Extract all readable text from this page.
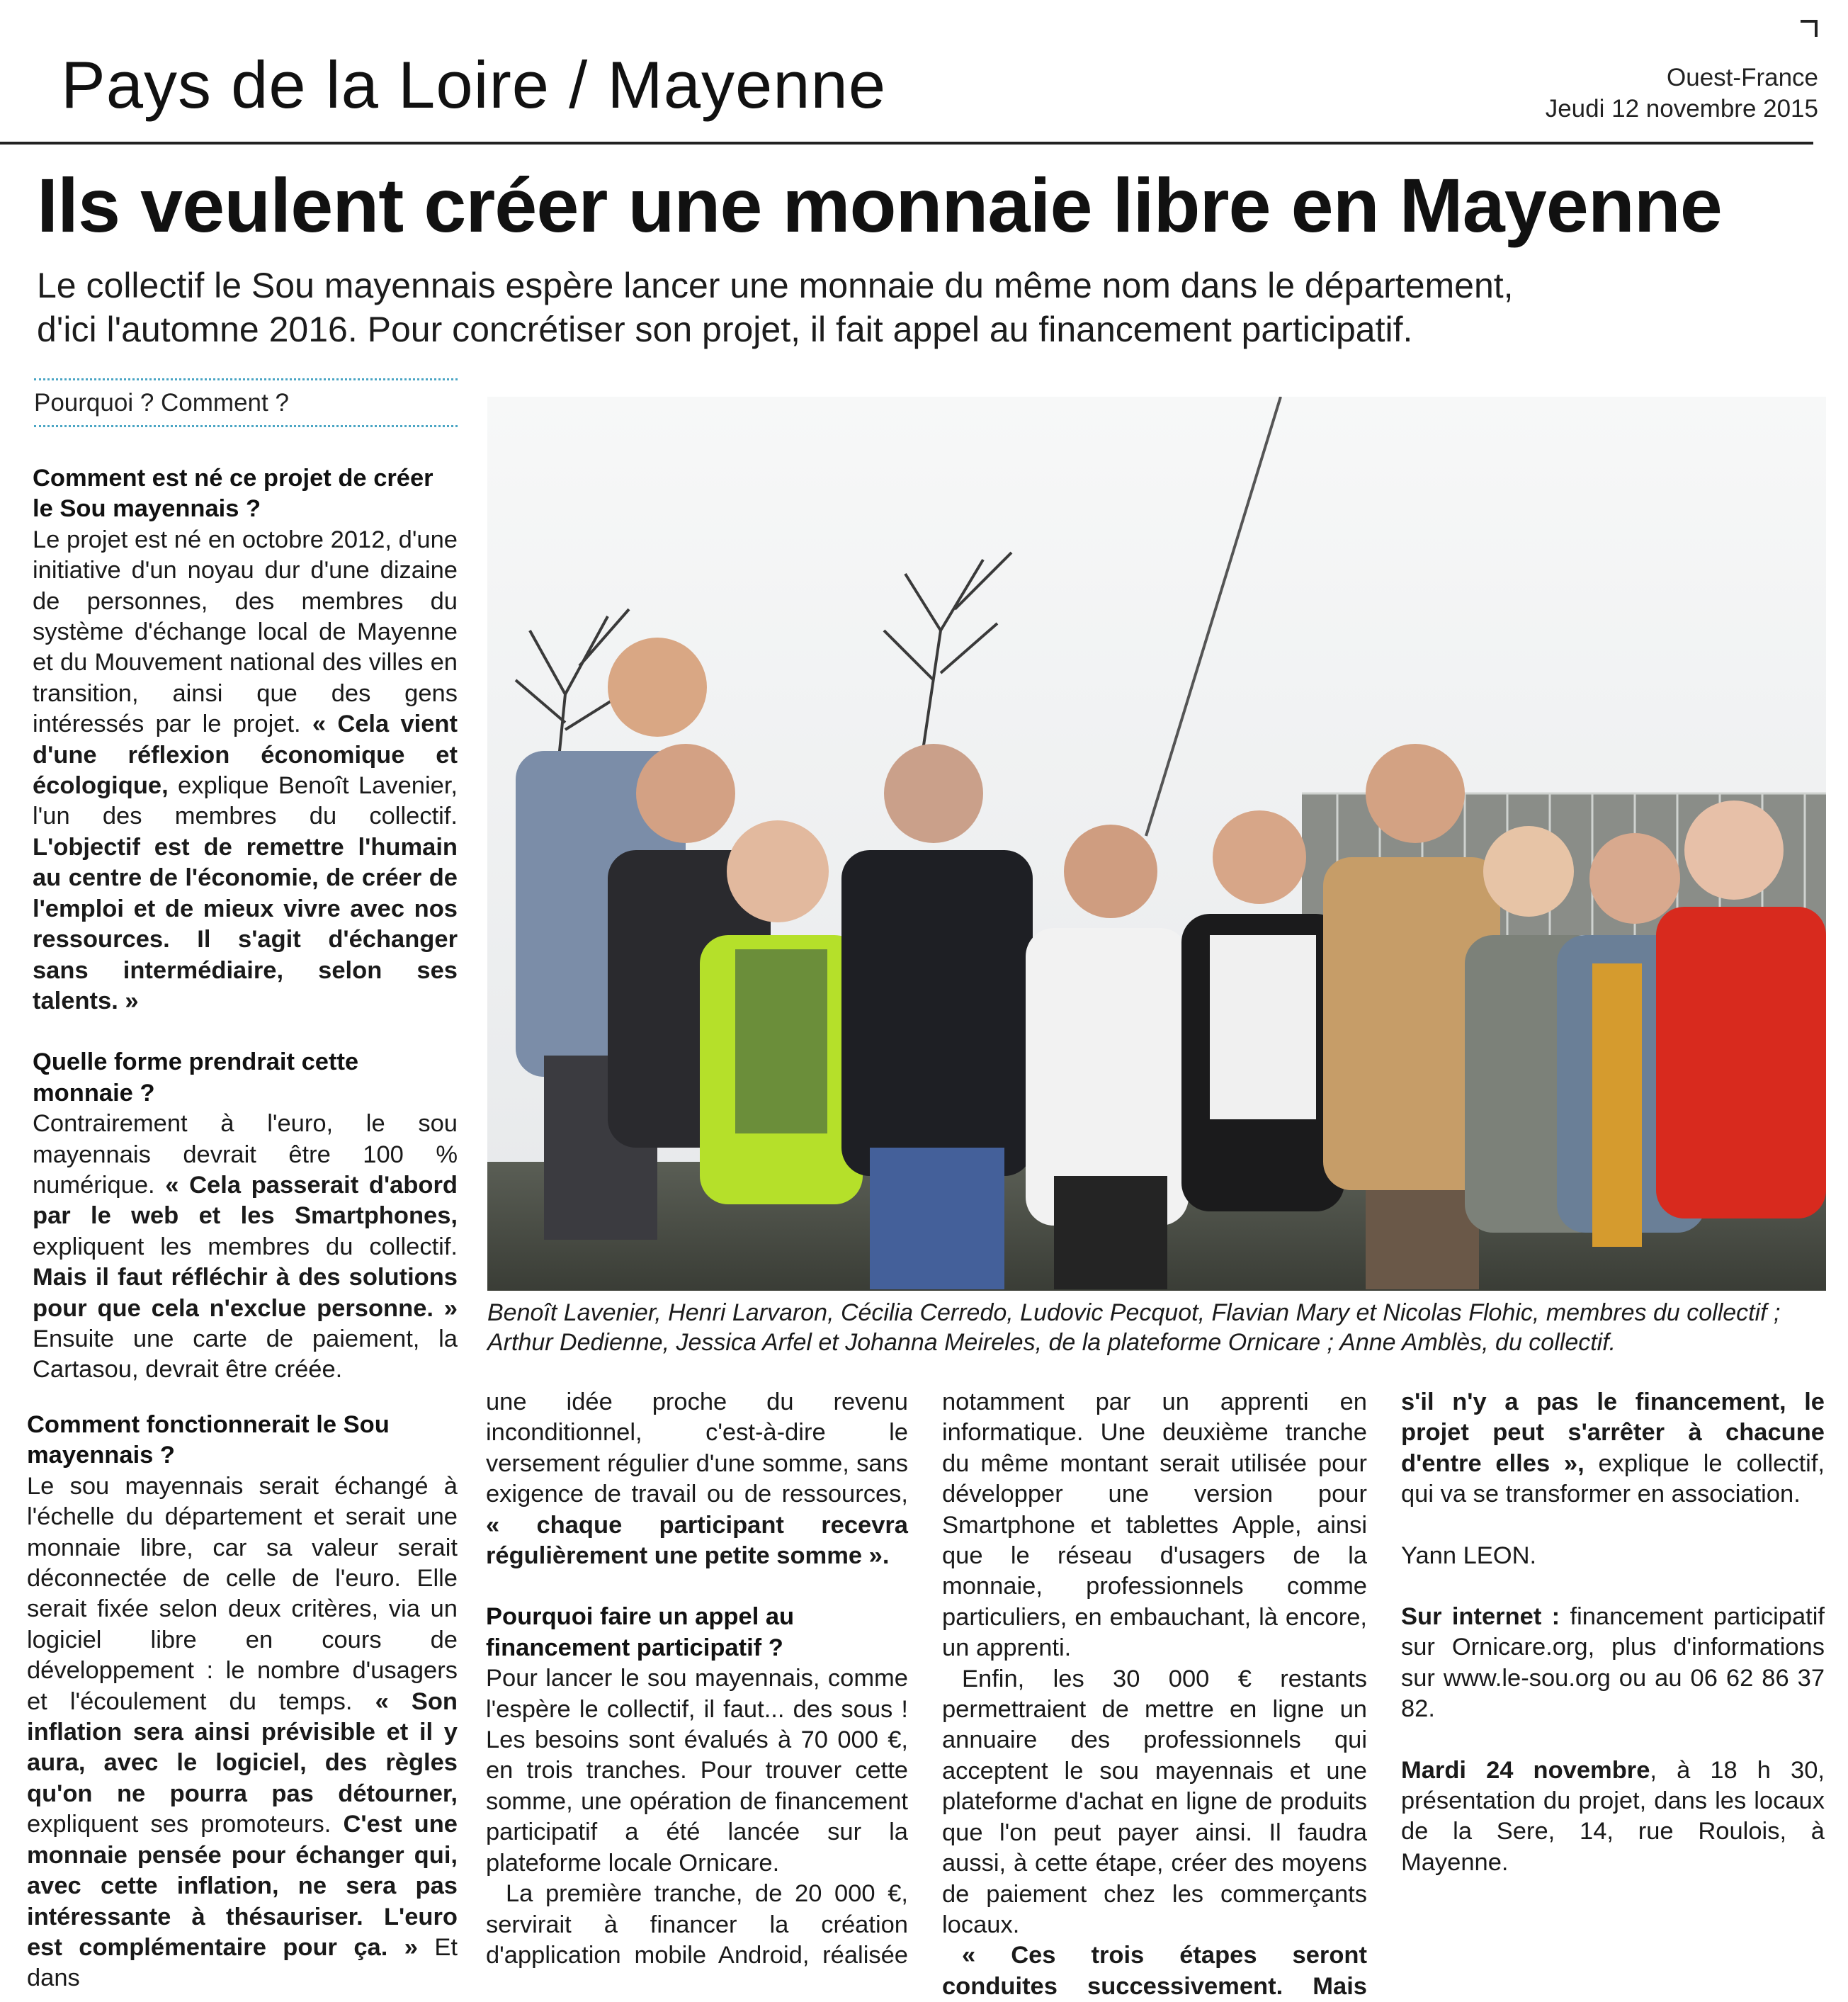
Pays de la Loire / Mayenne	Ouest-France
Jeudi 12 novembre 2015
Ils veulent créer une monnaie libre en Mayenne
Le collectif le Sou mayennais espère lancer une monnaie du même nom dans le département,
d'ici l'automne 2016. Pour concrétiser son projet, il fait appel au financement participatif.
Pourquoi ? Comment ?
Comment est né ce projet de créer le Sou mayennais ?

Le projet est né en octobre 2012, d'une initiative d'un noyau dur d'une dizaine de personnes, des membres du système d'échange local de Mayenne et du Mouvement national des villes en transition, ainsi que des gens intéressés par le projet. « Cela vient d'une réflexion économique et écologique, explique Benoît Lavenier, l'un des membres du collectif. L'objectif est de remettre l'humain au centre de l'économie, de créer de l'emploi et de mieux vivre avec nos ressources. Il s'agit d'échanger sans intermédiaire, selon ses talents. »

Quelle forme prendrait cette monnaie ?

Contrairement à l'euro, le sou mayennais devrait être 100 % numérique. « Cela passerait d'abord par le web et les Smartphones, expliquent les membres du collectif. Mais il faut réfléchir à des solutions pour que cela n'exclue personne. » Ensuite une carte de paiement, la Cartasou, devrait être créée.

Benoît Lavenier, Henri Larvaron, Cécilia Cerredo, Ludovic Pecquot, Flavian Mary et Nicolas Flohic, membres du collectif ;
Arthur Dedienne, Jessica Arfel et Johanna Meireles, de la plateforme Ornicare ; Anne Amblès, du collectif.
Comment fonctionnerait le Sou mayennais ?

Le sou mayennais serait échangé à l'échelle du département et serait une monnaie libre, car sa valeur serait déconnectée de celle de l'euro. Elle serait fixée selon deux critères, via un logiciel libre en cours de développement : le nombre d'usagers et l'écoulement du temps. « Son inflation sera ainsi prévisible et il y aura, avec le logiciel, des règles qu'on ne pourra pas détourner, expliquent ses promoteurs. C'est une monnaie pensée pour échanger qui, avec cette inflation, ne sera pas intéressante à thésauriser. L'euro est complémentaire pour ça. » Et dans

une idée proche du revenu inconditionnel, c'est-à-dire le versement régulier d'une somme, sans exigence de travail ou de ressources, « chaque participant recevra régulièrement une petite somme ».

Pourquoi faire un appel au financement participatif ?

Pour lancer le sou mayennais, comme l'espère le collectif, il faut... des sous ! Les besoins sont évalués à 70 000 €, en trois tranches. Pour trouver cette somme, une opération de financement participatif a été lancée sur la plateforme locale Ornicare.

La première tranche, de 20 000 €, servirait à financer la création d'application mobile Android, réalisée

notamment par un apprenti en informatique. Une deuxième tranche du même montant serait utilisée pour développer une version pour Smartphone et tablettes Apple, ainsi que le réseau d'usagers de la monnaie, professionnels comme particuliers, en embauchant, là encore, un apprenti.

Enfin, les 30 000 € restants permettraient de mettre en ligne un annuaire des professionnels qui acceptent le sou mayennais et une plateforme d'achat en ligne de produits que l'on peut payer ainsi. Il faudra aussi, à cette étape, créer des moyens de paiement chez les commerçants locaux.

« Ces trois étapes seront conduites successivement. Mais

s'il n'y a pas le financement, le projet peut s'arrêter à chacune d'entre elles », explique le collectif, qui va se transformer en association.

Yann LEON.

Sur internet : financement participatif sur Ornicare.org, plus d'informations sur www.le-sou.org ou au 06 62 86 37 82.

Mardi 24 novembre, à 18 h 30, présentation du projet, dans les locaux de la Sere, 14, rue Roulois, à Mayenne.
